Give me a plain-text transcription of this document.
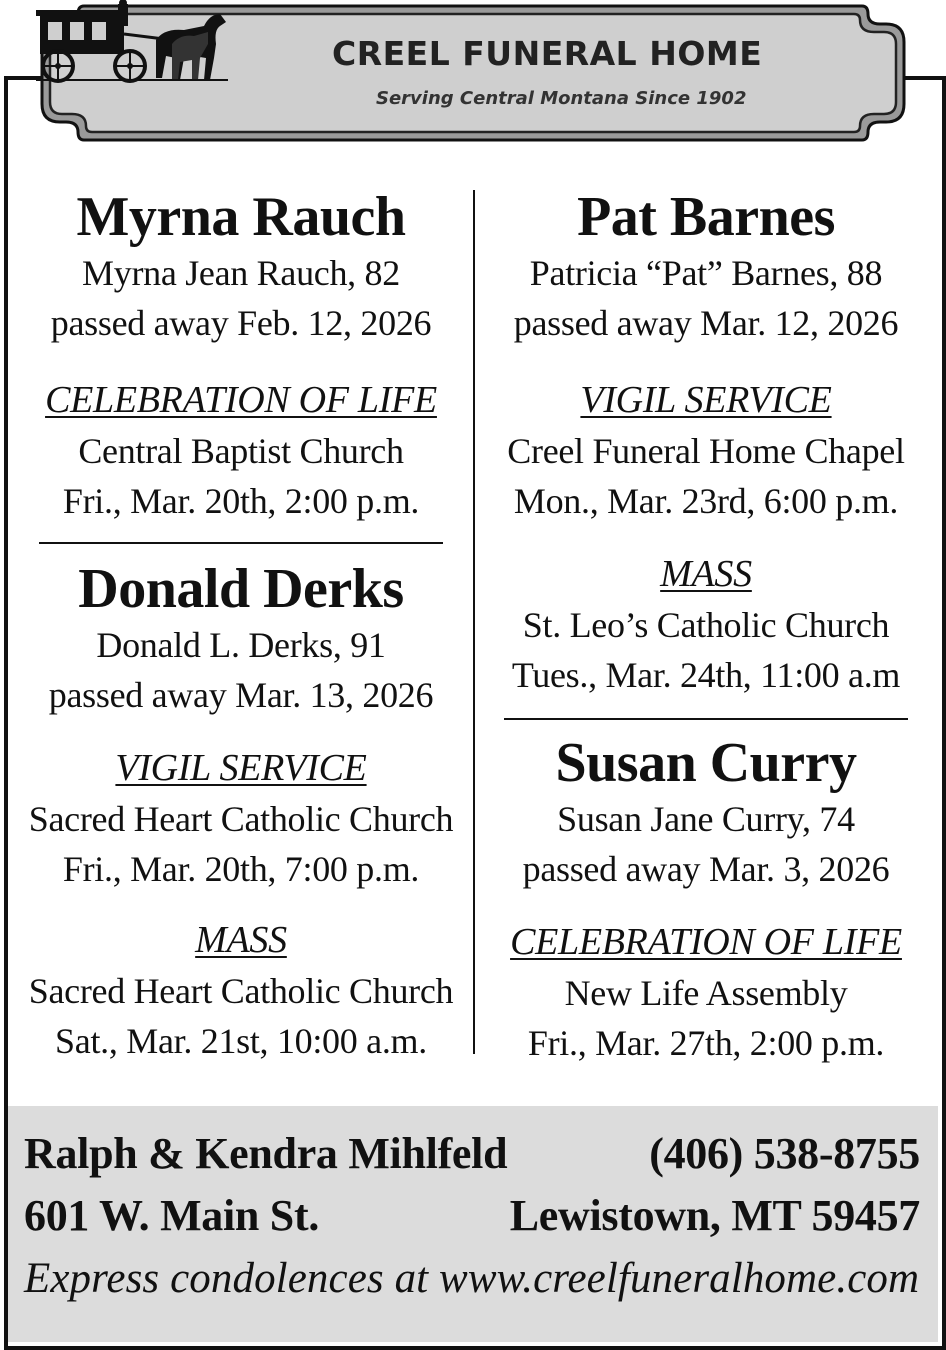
CREEL FUNERAL HOME
Serving Central Montana Since 1902

Myrna Rauch

Myrna Jean Rauch, 82

passed away Feb. 12, 2026

CELEBRATION OF LIFE

Central Baptist Church

Fri., Mar. 20th, 2:00 p.m.

Donald Derks

Donald L. Derks, 91

passed away Mar. 13, 2026

VIGIL SERVICE

Sacred Heart Catholic Church

Fri., Mar. 20th, 7:00 p.m.

MASS

Sacred Heart Catholic Church

Sat., Mar. 21st, 10:00 a.m.

Pat Barnes

Patricia “Pat” Barnes, 88

passed away Mar. 12, 2026

VIGIL SERVICE

Creel Funeral Home Chapel

Mon., Mar. 23rd, 6:00 p.m.

MASS

St. Leo’s Catholic Church

Tues., Mar. 24th, 11:00 a.m

Susan Curry

Susan Jane Curry, 74

passed away Mar. 3, 2026

CELEBRATION OF LIFE

New Life Assembly

Fri., Mar. 27th, 2:00 p.m.

Ralph & Kendra Mihlfeld	(406) 538-8755
601 W. Main St.	Lewistown, MT 59457
Express condolences at www.creelfuneralhome.com
